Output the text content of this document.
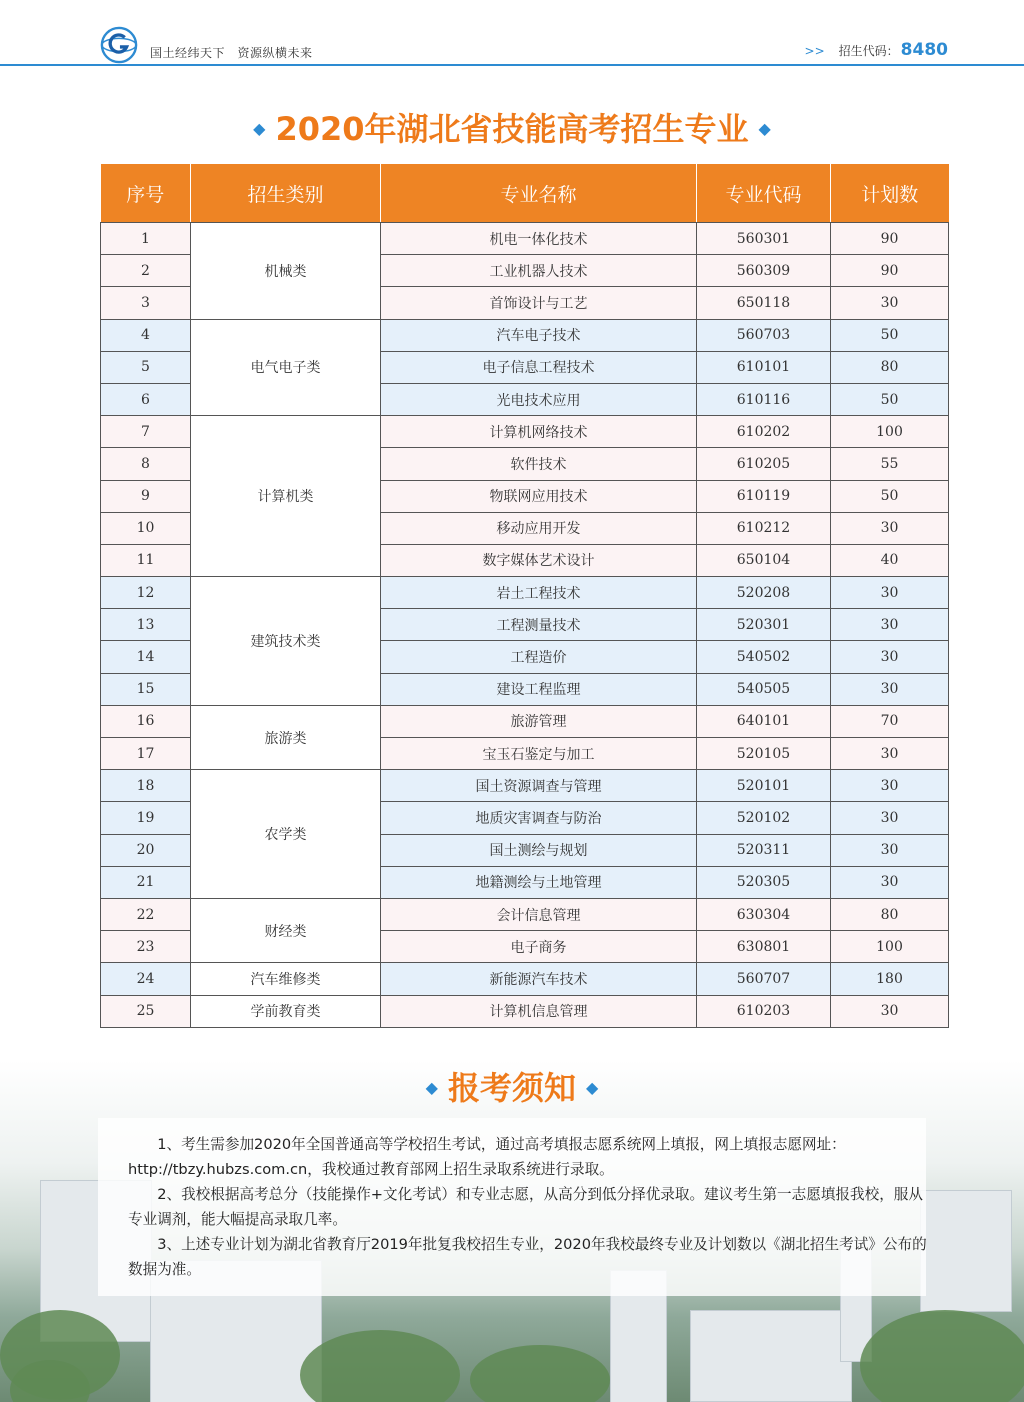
国土经纬天下　资源纵横未来	>> 招生代码： 8480
◆ 2020年湖北省技能高考招生专业 ◆
序号	招生类别	专业名称	专业代码	计划数
1	机械类	机电一体化技术	560301	90
2		工业机器人技术	560309	90
3		首饰设计与工艺	650118	30
4	电气电子类	汽车电子技术	560703	50
5		电子信息工程技术	610101	80
6		光电技术应用	610116	50
7	计算机类	计算机网络技术	610202	100
8		软件技术	610205	55
9		物联网应用技术	610119	50
10		移动应用开发	610212	30
11		数字媒体艺术设计	650104	40
12	建筑技术类	岩土工程技术	520208	30
13		工程测量技术	520301	30
14		工程造价	540502	30
15		建设工程监理	540505	30
16	旅游类	旅游管理	640101	70
17		宝玉石鉴定与加工	520105	30
18	农学类	国土资源调查与管理	520101	30
19		地质灾害调查与防治	520102	30
20		国土测绘与规划	520311	30
21		地籍测绘与土地管理	520305	30
22	财经类	会计信息管理	630304	80
23		电子商务	630801	100
24	汽车维修类	新能源汽车技术	560707	180
25	学前教育类	计算机信息管理	610203	30
◆ 报考须知 ◆

1、考生需参加2020年全国普通高等学校招生考试，通过高考填报志愿系统网上填报，网上填报志愿网址：http://tbzy.hubzs.com.cn，我校通过教育部网上招生录取系统进行录取。

2、我校根据高考总分（技能操作+文化考试）和专业志愿，从高分到低分择优录取。建议考生第一志愿填报我校，服从专业调剂，能大幅提高录取几率。

3、上述专业计划为湖北省教育厅2019年批复我校招生专业，2020年我校最终专业及计划数以《湖北招生考试》公布的数据为准。
